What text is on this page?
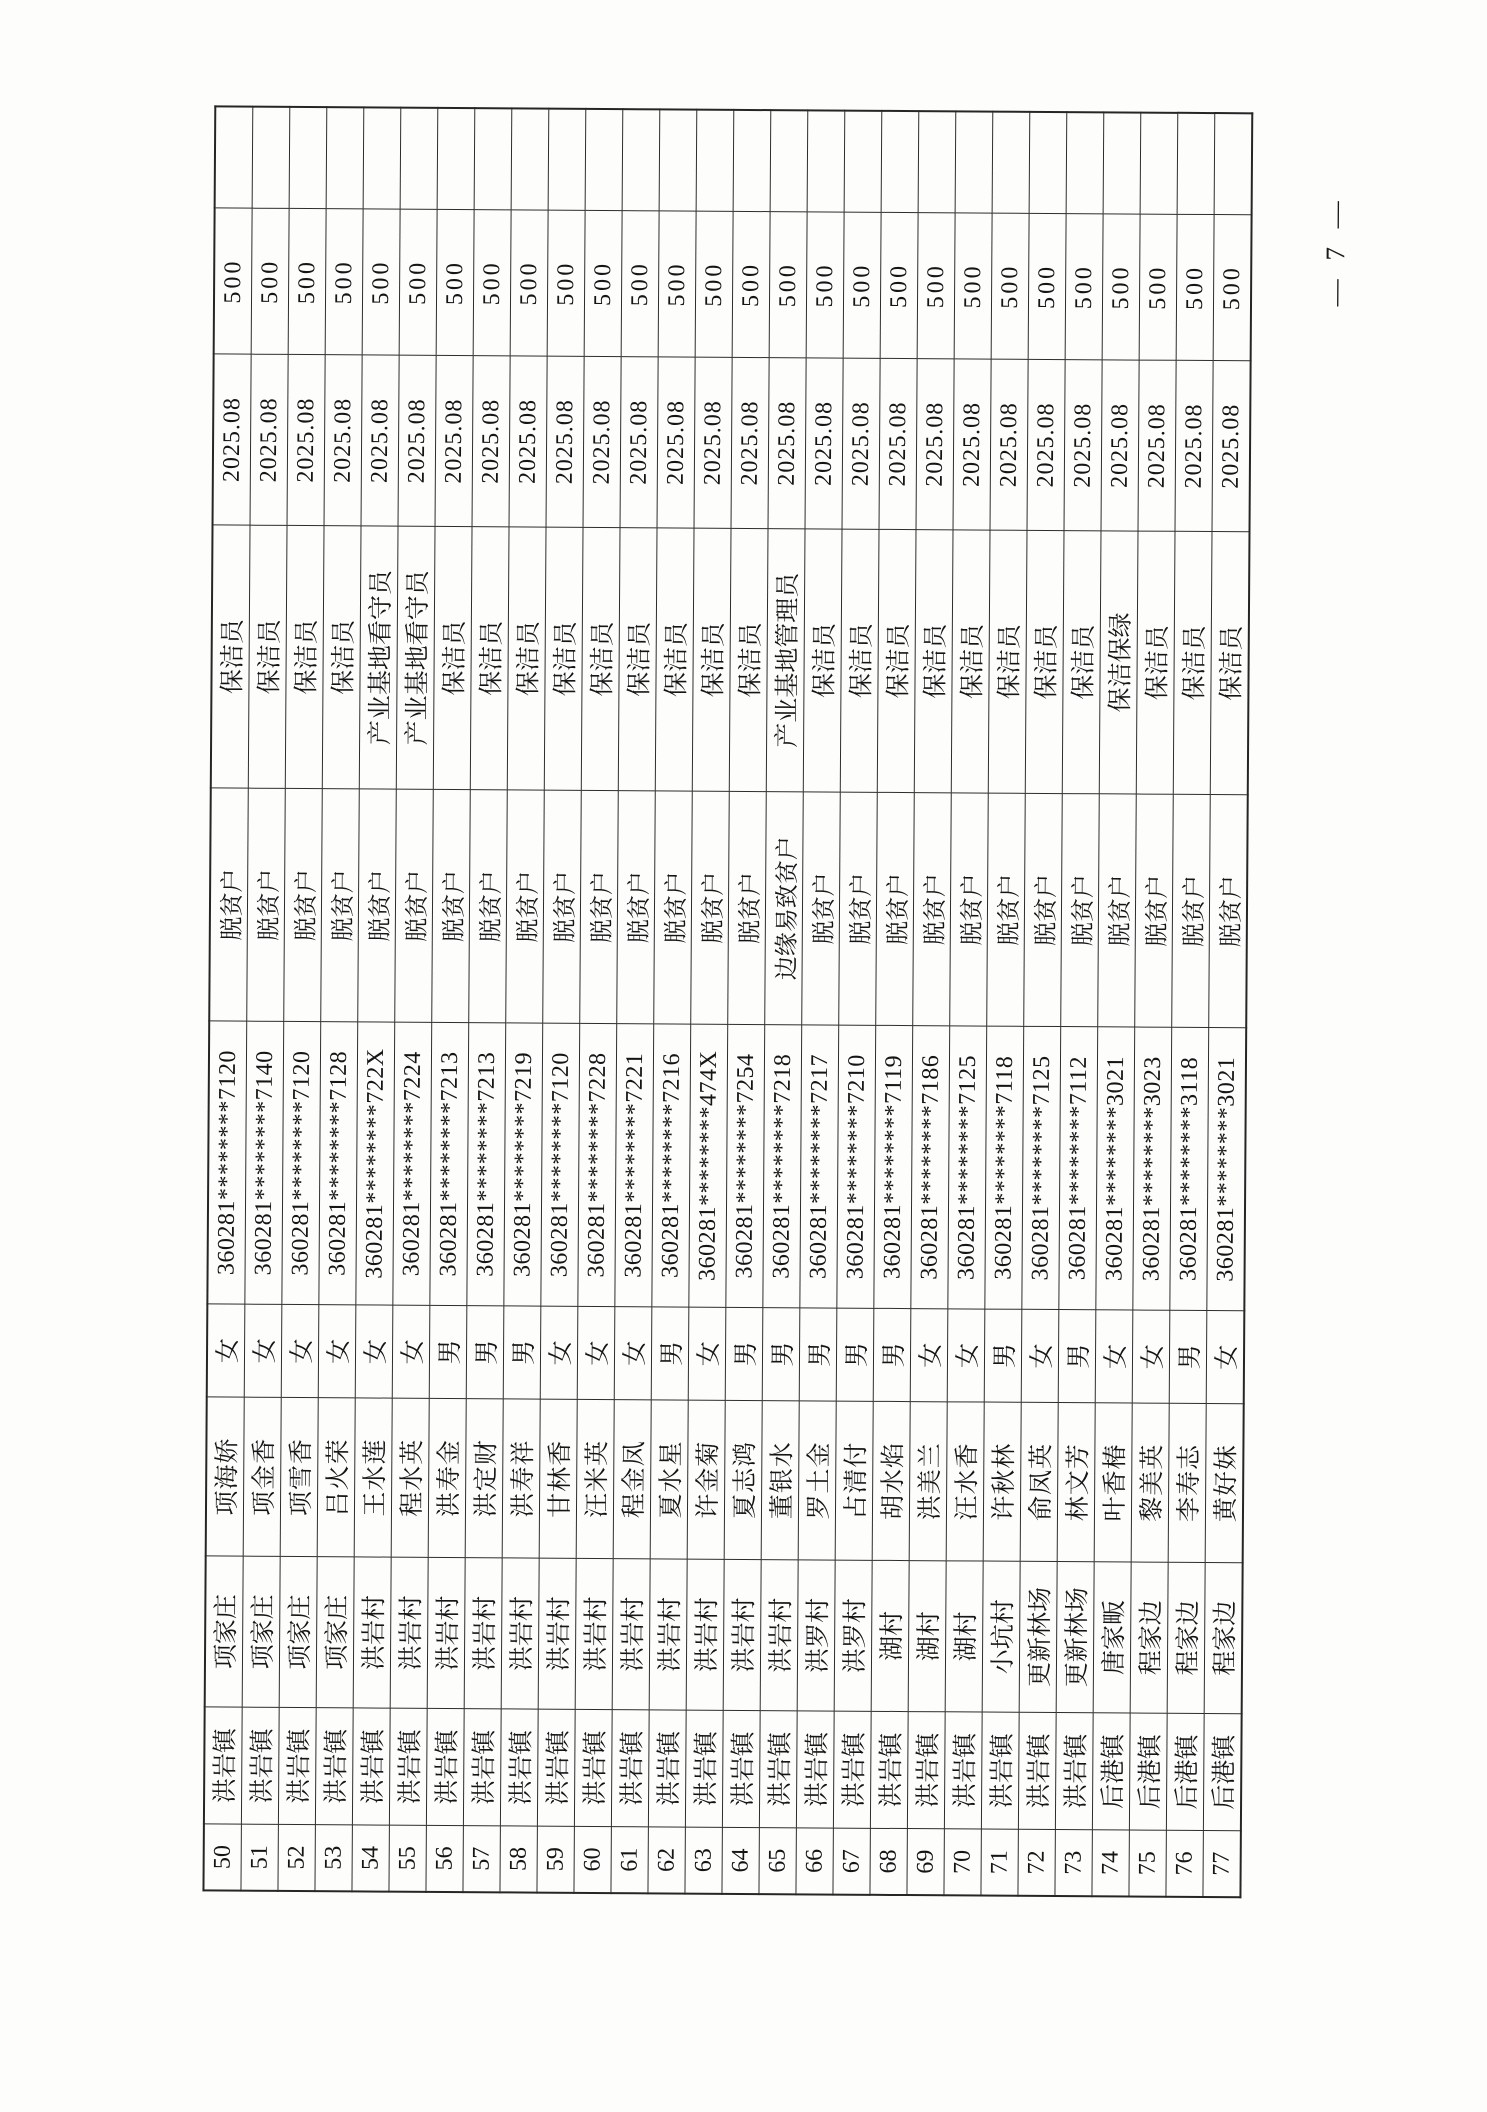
50	洪岩镇	项家庄	项海娇	女	360281********7120	脱贫户	保洁员	2025.08	500	
51	洪岩镇	项家庄	项金香	女	360281********7140	脱贫户	保洁员	2025.08	500	
52	洪岩镇	项家庄	项雪香	女	360281********7120	脱贫户	保洁员	2025.08	500	
53	洪岩镇	项家庄	吕火荣	女	360281********7128	脱贫户	保洁员	2025.08	500	
54	洪岩镇	洪岩村	王水莲	女	360281********722X	脱贫户	产业基地看守员	2025.08	500	
55	洪岩镇	洪岩村	程水英	女	360281********7224	脱贫户	产业基地看守员	2025.08	500	
56	洪岩镇	洪岩村	洪寿金	男	360281********7213	脱贫户	保洁员	2025.08	500	
57	洪岩镇	洪岩村	洪定财	男	360281********7213	脱贫户	保洁员	2025.08	500	
58	洪岩镇	洪岩村	洪寿祥	男	360281********7219	脱贫户	保洁员	2025.08	500	
59	洪岩镇	洪岩村	甘林香	女	360281********7120	脱贫户	保洁员	2025.08	500	
60	洪岩镇	洪岩村	汪米英	女	360281********7228	脱贫户	保洁员	2025.08	500	
61	洪岩镇	洪岩村	程金凤	女	360281********7221	脱贫户	保洁员	2025.08	500	
62	洪岩镇	洪岩村	夏水星	男	360281********7216	脱贫户	保洁员	2025.08	500	
63	洪岩镇	洪岩村	许金菊	女	360281********474X	脱贫户	保洁员	2025.08	500	
64	洪岩镇	洪岩村	夏志鸿	男	360281********7254	脱贫户	保洁员	2025.08	500	
65	洪岩镇	洪岩村	董银水	男	360281********7218	边缘易致贫户	产业基地管理员	2025.08	500	
66	洪岩镇	洪罗村	罗土金	男	360281********7217	脱贫户	保洁员	2025.08	500	
67	洪岩镇	洪罗村	占清付	男	360281********7210	脱贫户	保洁员	2025.08	500	
68	洪岩镇	湖村	胡水焰	男	360281********7119	脱贫户	保洁员	2025.08	500	
69	洪岩镇	湖村	洪美兰	女	360281********7186	脱贫户	保洁员	2025.08	500	
70	洪岩镇	湖村	汪水香	女	360281********7125	脱贫户	保洁员	2025.08	500	
71	洪岩镇	小坑村	许秋林	男	360281********7118	脱贫户	保洁员	2025.08	500	
72	洪岩镇	更新林场	俞凤英	女	360281********7125	脱贫户	保洁员	2025.08	500	
73	洪岩镇	更新林场	林文芳	男	360281********7112	脱贫户	保洁员	2025.08	500	
74	后港镇	唐家畈	叶香椿	女	360281********3021	脱贫户	保洁保绿	2025.08	500	
75	后港镇	程家边	黎美英	女	360281********3023	脱贫户	保洁员	2025.08	500	
76	后港镇	程家边	李寿志	男	360281********3118	脱贫户	保洁员	2025.08	500	
77	后港镇	程家边	黄好妹	女	360281********3021	脱贫户	保洁员	2025.08	500		— 7 —
